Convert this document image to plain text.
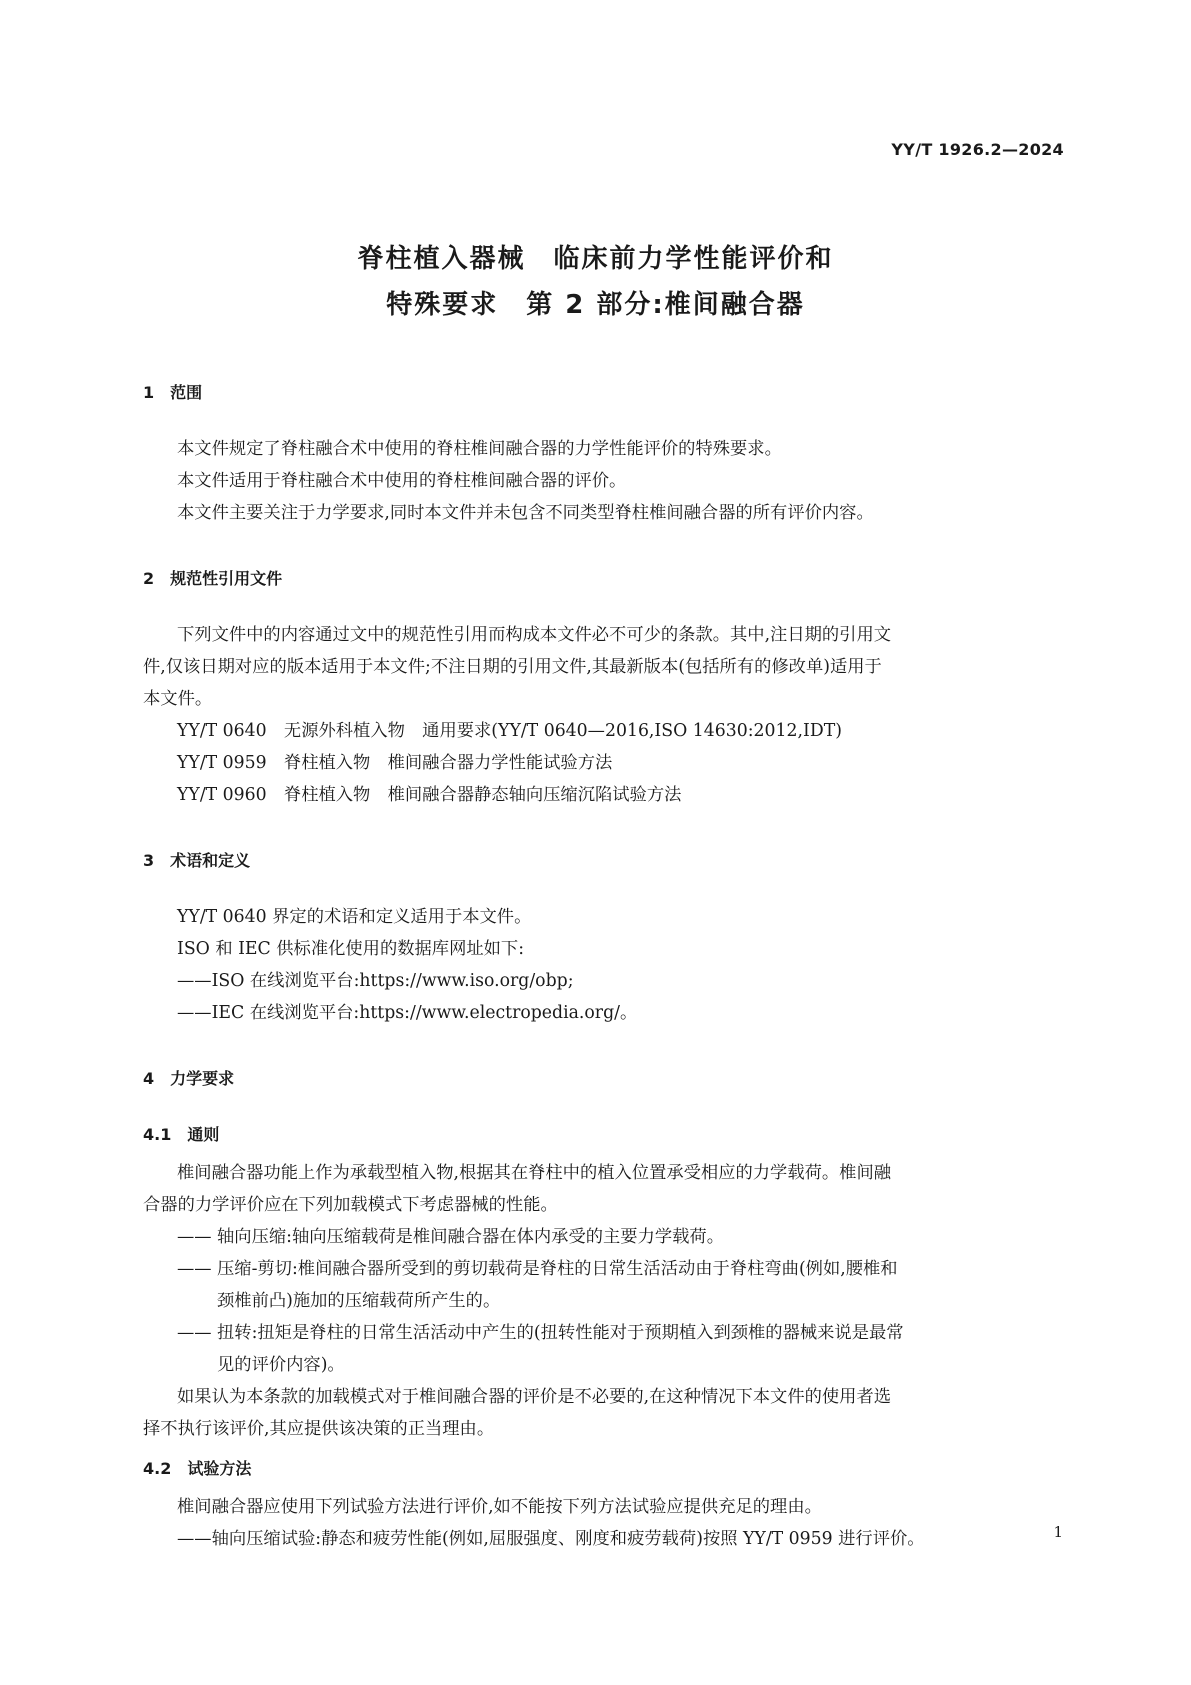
YY/T 1926.2—2024
脊柱植入器械　临床前力学性能评价和
特殊要求　第 2 部分:椎间融合器

1　范围

本文件规定了脊柱融合术中使用的脊柱椎间融合器的力学性能评价的特殊要求。

本文件适用于脊柱融合术中使用的脊柱椎间融合器的评价。

本文件主要关注于力学要求,同时本文件并未包含不同类型脊柱椎间融合器的所有评价内容。

2　规范性引用文件

下列文件中的内容通过文中的规范性引用而构成本文件必不可少的条款。其中,注日期的引用文

件,仅该日期对应的版本适用于本文件;不注日期的引用文件,其最新版本(包括所有的修改单)适用于

本文件。

YY/T 0640　无源外科植入物　通用要求(YY/T 0640—2016,ISO 14630:2012,IDT)

YY/T 0959　脊柱植入物　椎间融合器力学性能试验方法

YY/T 0960　脊柱植入物　椎间融合器静态轴向压缩沉陷试验方法

3　术语和定义

YY/T 0640 界定的术语和定义适用于本文件。

ISO 和 IEC 供标准化使用的数据库网址如下:

——ISO 在线浏览平台:https://www.iso.org/obp;

——IEC 在线浏览平台:https://www.electropedia.org/。

4　力学要求

4.1　通则

椎间融合器功能上作为承载型植入物,根据其在脊柱中的植入位置承受相应的力学载荷。椎间融

合器的力学评价应在下列加载模式下考虑器械的性能。

—— 轴向压缩:轴向压缩载荷是椎间融合器在体内承受的主要力学载荷。

—— 压缩-剪切:椎间融合器所受到的剪切载荷是脊柱的日常生活活动由于脊柱弯曲(例如,腰椎和

颈椎前凸)施加的压缩载荷所产生的。

—— 扭转:扭矩是脊柱的日常生活活动中产生的(扭转性能对于预期植入到颈椎的器械来说是最常

见的评价内容)。

如果认为本条款的加载模式对于椎间融合器的评价是不必要的,在这种情况下本文件的使用者选

择不执行该评价,其应提供该决策的正当理由。

4.2　试验方法

椎间融合器应使用下列试验方法进行评价,如不能按下列方法试验应提供充足的理由。

——轴向压缩试验:静态和疲劳性能(例如,屈服强度、刚度和疲劳载荷)按照 YY/T 0959 进行评价。	1
